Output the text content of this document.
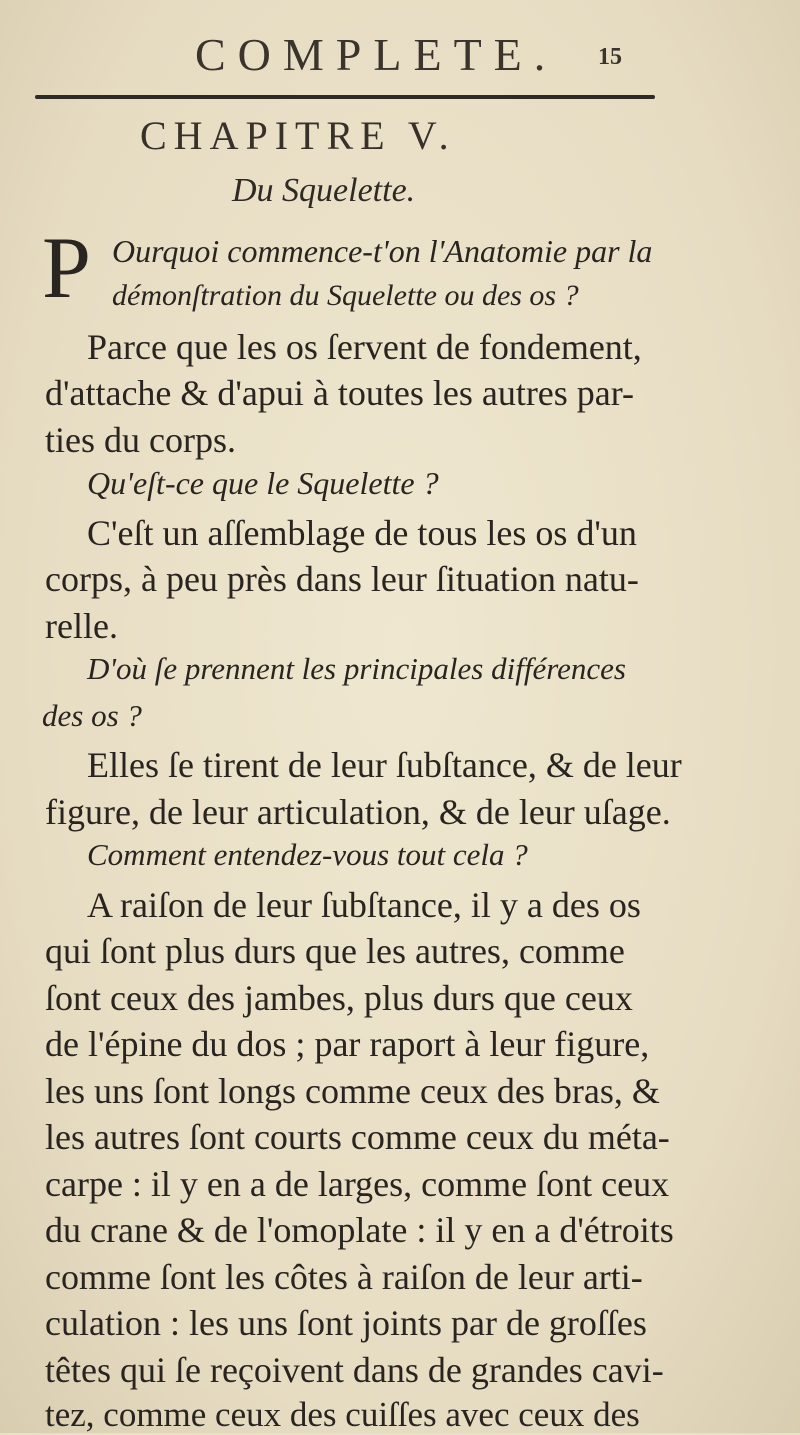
COMPLETE. 15
CHAPITRE V.
Du Squelette.
P Ourquoi commence-t'on l'Anatomie par la
démonſtration du Squelette ou des os ?
Parce que les os ſervent de fondement,
d'attache & d'apui à toutes les autres par-
ties du corps.
Qu'eſt-ce que le Squelette ?
C'eſt un aſſemblage de tous les os d'un
corps, à peu près dans leur ſituation natu-
relle.
D'où ſe prennent les principales différences
des os ?
Elles ſe tirent de leur ſubſtance, & de leur
figure, de leur articulation, & de leur uſage.
Comment entendez-vous tout cela ?
A raiſon de leur ſubſtance, il y a des os
qui ſont plus durs que les autres, comme
ſont ceux des jambes, plus durs que ceux
de l'épine du dos ; par raport à leur figure,
les uns ſont longs comme ceux des bras, &
les autres ſont courts comme ceux du méta-
carpe : il y en a de larges, comme ſont ceux
du crane & de l'omoplate : il y en a d'étroits
comme ſont les côtes à raiſon de leur arti-
culation : les uns ſont joints par de groſſes
têtes qui ſe reçoivent dans de grandes cavi-
tez, comme ceux des cuiſſes avec ceux des
